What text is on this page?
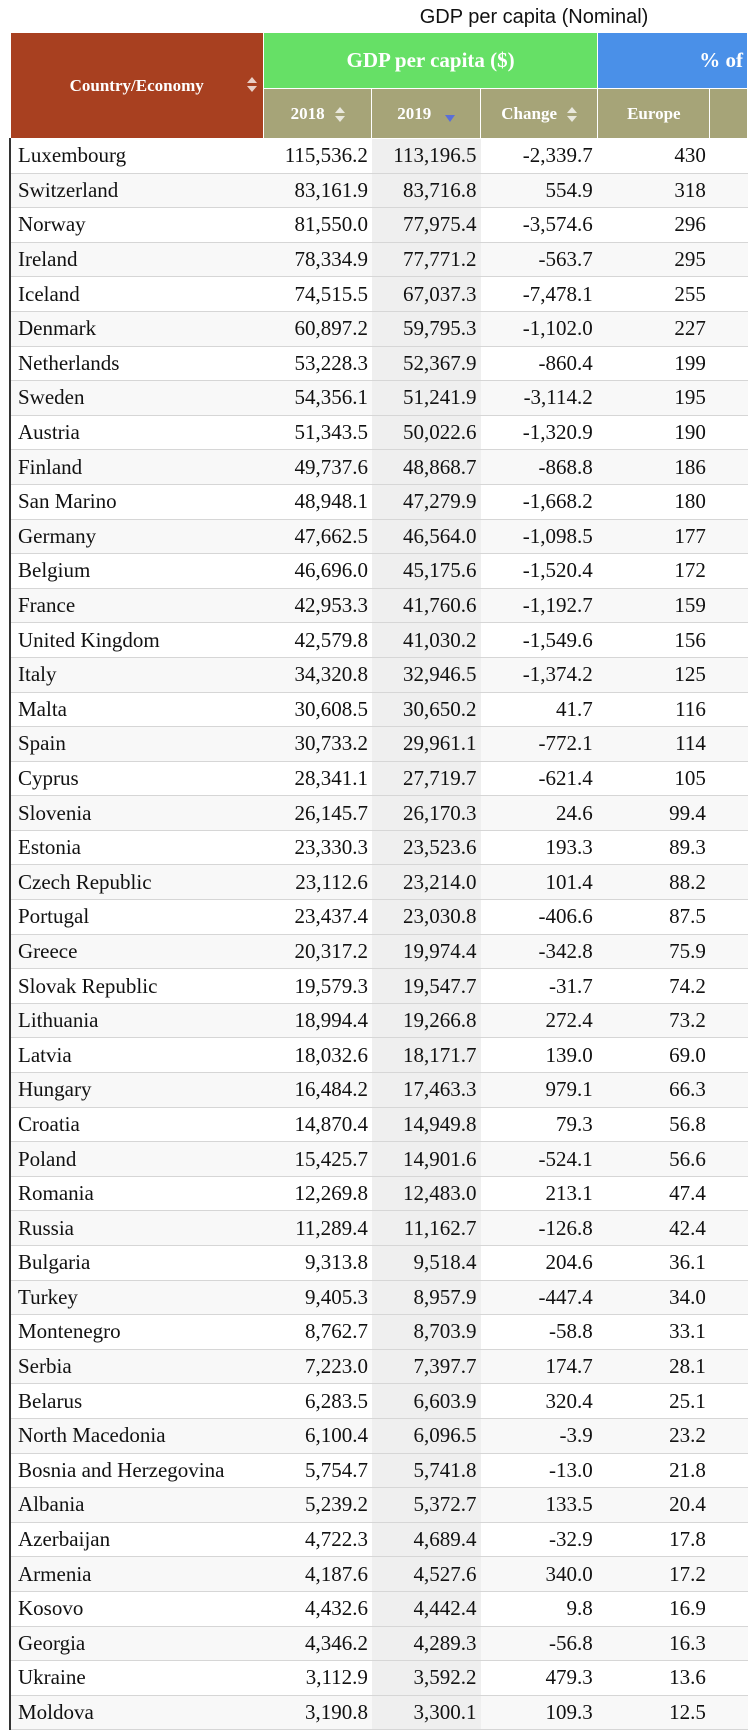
GDP per capita (Nominal)
Country/Economy	GDP per capita ($)			% of	
	2018	2019	Change	Europe	
Luxembourg	115,536.2	113,196.5	-2,339.7	430	
Switzerland	83,161.9	83,716.8	554.9	318	
Norway	81,550.0	77,975.4	-3,574.6	296	
Ireland	78,334.9	77,771.2	-563.7	295	
Iceland	74,515.5	67,037.3	-7,478.1	255	
Denmark	60,897.2	59,795.3	-1,102.0	227	
Netherlands	53,228.3	52,367.9	-860.4	199	
Sweden	54,356.1	51,241.9	-3,114.2	195	
Austria	51,343.5	50,022.6	-1,320.9	190	
Finland	49,737.6	48,868.7	-868.8	186	
San Marino	48,948.1	47,279.9	-1,668.2	180	
Germany	47,662.5	46,564.0	-1,098.5	177	
Belgium	46,696.0	45,175.6	-1,520.4	172	
France	42,953.3	41,760.6	-1,192.7	159	
United Kingdom	42,579.8	41,030.2	-1,549.6	156	
Italy	34,320.8	32,946.5	-1,374.2	125	
Malta	30,608.5	30,650.2	41.7	116	
Spain	30,733.2	29,961.1	-772.1	114	
Cyprus	28,341.1	27,719.7	-621.4	105	
Slovenia	26,145.7	26,170.3	24.6	99.4	
Estonia	23,330.3	23,523.6	193.3	89.3	
Czech Republic	23,112.6	23,214.0	101.4	88.2	
Portugal	23,437.4	23,030.8	-406.6	87.5	
Greece	20,317.2	19,974.4	-342.8	75.9	
Slovak Republic	19,579.3	19,547.7	-31.7	74.2	
Lithuania	18,994.4	19,266.8	272.4	73.2	
Latvia	18,032.6	18,171.7	139.0	69.0	
Hungary	16,484.2	17,463.3	979.1	66.3	
Croatia	14,870.4	14,949.8	79.3	56.8	
Poland	15,425.7	14,901.6	-524.1	56.6	
Romania	12,269.8	12,483.0	213.1	47.4	
Russia	11,289.4	11,162.7	-126.8	42.4	
Bulgaria	9,313.8	9,518.4	204.6	36.1	
Turkey	9,405.3	8,957.9	-447.4	34.0	
Montenegro	8,762.7	8,703.9	-58.8	33.1	
Serbia	7,223.0	7,397.7	174.7	28.1	
Belarus	6,283.5	6,603.9	320.4	25.1	
North Macedonia	6,100.4	6,096.5	-3.9	23.2	
Bosnia and Herzegovina	5,754.7	5,741.8	-13.0	21.8	
Albania	5,239.2	5,372.7	133.5	20.4	
Azerbaijan	4,722.3	4,689.4	-32.9	17.8	
Armenia	4,187.6	4,527.6	340.0	17.2	
Kosovo	4,432.6	4,442.4	9.8	16.9	
Georgia	4,346.2	4,289.3	-56.8	16.3	
Ukraine	3,112.9	3,592.2	479.3	13.6	
Moldova	3,190.8	3,300.1	109.3	12.5	
